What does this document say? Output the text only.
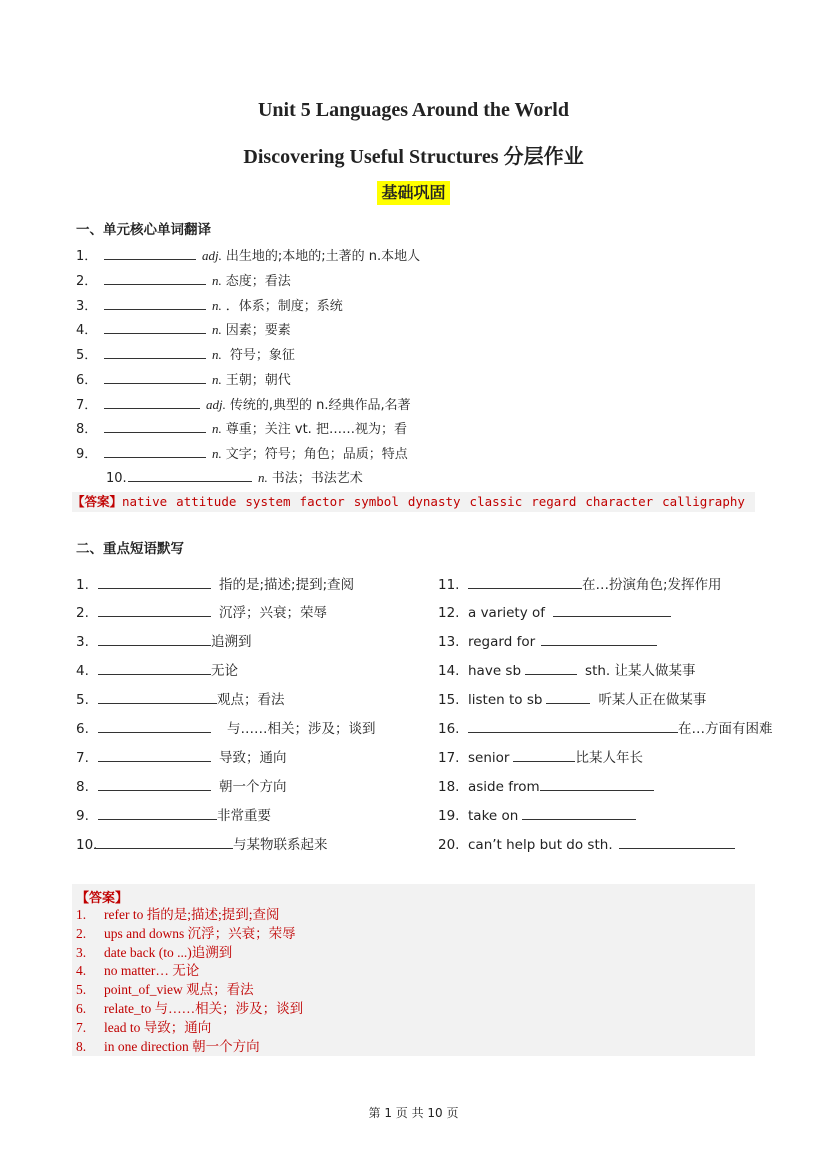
Unit 5 Languages Around the World
Discovering Useful Structures 分层作业
基础巩固
一、单元核心单词翻译
1．	adj. 出生地的;本地的;土著的 n.本地人
2．	n. 态度；看法
3．	n. ．体系；制度；系统
4．	n. 因素；要素
5．	n. 符号；象征
6．	n. 王朝；朝代
7．	adj. 传统的,典型的 n.经典作品,名著
8．	n. 尊重；关注 vt. 把……视为；看
9．	n. 文字；符号；角色；品质；特点
10.	n. 书法；书法艺术
【答案】native attitude system factor symbol dynasty classic regard character calligraphy
二、重点短语默写
1.	指的是;描述;提到;查阅
2.	沉浮；兴衰；荣辱
3.	追溯到
4.	无论
5.	观点；看法
6.	与……相关；涉及；谈到
7.	导致；通向
8.	朝一个方向
9.	非常重要
10.	与某物联系起来
11.	在…扮演角色;发挥作用
12. a variety of
13. regard for
14. have sb	sth. 让某人做某事
15. listen to sb	听某人正在做某事
16.	在…方面有困难
17. senior	比某人年长
18. aside from
19. take on
20. can’t help but do sth.
【答案】
1. refer to 指的是;描述;提到;查阅
2. ups and downs 沉浮；兴衰；荣辱
3. date back (to ...)追溯到
4. no matter… 无论
5. point_of_view 观点；看法
6. relate_to 与……相关；涉及；谈到
7. lead to 导致；通向
8. in one direction 朝一个方向
第 1 页 共 10 页
